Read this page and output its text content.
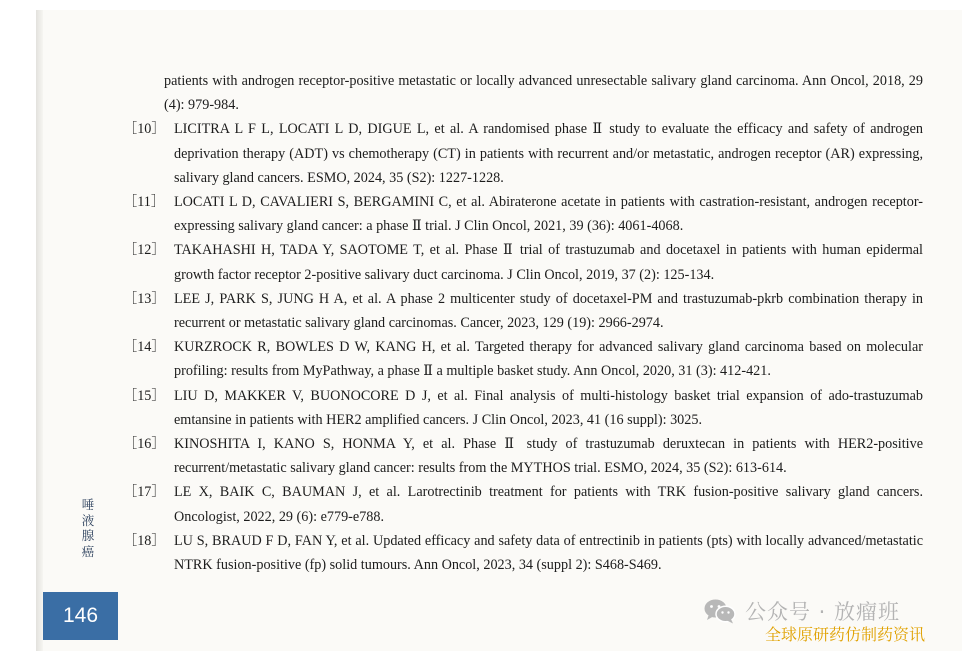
patients with androgen receptor-positive metastatic or locally advanced unresectable salivary gland carcinoma. Ann Oncol, 2018, 29 (4): 979-984.
［10］ LICITRA L F L, LOCATI L D, DIGUE L, et al. A randomised phase Ⅱ study to evaluate the efficacy and safety of androgen deprivation therapy (ADT) vs chemotherapy (CT) in patients with recurrent and/or metastatic, androgen receptor (AR) expressing, salivary gland cancers. ESMO, 2024, 35 (S2): 1227-1228.
［11］ LOCATI L D, CAVALIERI S, BERGAMINI C, et al. Abiraterone acetate in patients with castration-resistant, androgen receptor-expressing salivary gland cancer: a phase Ⅱ trial. J Clin Oncol, 2021, 39 (36): 4061-4068.
［12］ TAKAHASHI H, TADA Y, SAOTOME T, et al. Phase Ⅱ trial of trastuzumab and docetaxel in patients with human epidermal growth factor receptor 2-positive salivary duct carcinoma. J Clin Oncol, 2019, 37 (2): 125-134.
［13］ LEE J, PARK S, JUNG H A, et al. A phase 2 multicenter study of docetaxel-PM and trastuzumab-pkrb combination therapy in recurrent or metastatic salivary gland carcinomas. Cancer, 2023, 129 (19): 2966-2974.
［14］ KURZROCK R, BOWLES D W, KANG H, et al. Targeted therapy for advanced salivary gland carcinoma based on molecular profiling: results from MyPathway, a phase Ⅱ a multiple basket study. Ann Oncol, 2020, 31 (3): 412-421.
［15］ LIU D, MAKKER V, BUONOCORE D J, et al. Final analysis of multi-histology basket trial expansion of ado-trastuzumab emtansine in patients with HER2 amplified cancers. J Clin Oncol, 2023, 41 (16 suppl): 3025.
［16］ KINOSHITA I, KANO S, HONMA Y, et al. Phase Ⅱ study of trastuzumab deruxtecan in patients with HER2-positive recurrent/metastatic salivary gland cancer: results from the MYTHOS trial. ESMO, 2024, 35 (S2): 613-614.
［17］ LE X, BAIK C, BAUMAN J, et al. Larotrectinib treatment for patients with TRK fusion-positive salivary gland cancers. Oncologist, 2022, 29 (6): e779-e788.
［18］ LU S, BRAUD F D, FAN Y, et al. Updated efficacy and safety data of entrectinib in patients (pts) with locally advanced/metastatic NTRK fusion-positive (fp) solid tumours. Ann Oncol, 2023, 34 (suppl 2): S468-S469.
唾液腺癌
146	公众号 · 放瘤班
全球原研药仿制药资讯
